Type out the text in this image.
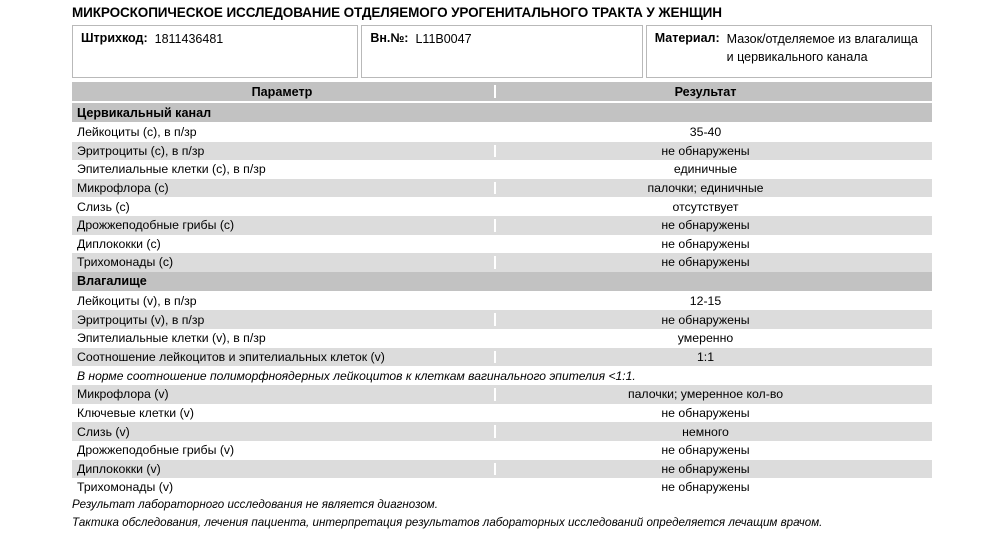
МИКРОСКОПИЧЕСКОЕ ИССЛЕДОВАНИЕ ОТДЕЛЯЕМОГО УРОГЕНИТАЛЬНОГО ТРАКТА У ЖЕНЩИН
Штрихкод: 1811436481	Вн.№: L11B0047	Материал: Мазок/отделяемое из влагалища и цервикального канала
Параметр	Результат
Цервикальный канал
Лейкоциты (c), в п/зр	35-40
Эритроциты (c), в п/зр	не обнаружены
Эпителиальные клетки (c), в п/зр	единичные
Микрофлора (c)	палочки; единичные
Слизь (c)	отсутствует
Дрожжеподобные грибы (c)	не обнаружены
Диплококки (c)	не обнаружены
Трихомонады (c)	не обнаружены
Влагалище
Лейкоциты (v), в п/зр	12-15
Эритроциты (v), в п/зр	не обнаружены
Эпителиальные клетки (v), в п/зр	умеренно
Соотношение лейкоцитов и эпителиальных клеток (v)	1:1
В норме соотношение полиморфноядерных лейкоцитов к клеткам вагинального эпителия <1:1.
Микрофлора (v)	палочки; умеренное кол-во
Ключевые клетки (v)	не обнаружены
Слизь (v)	немного
Дрожжеподобные грибы (v)	не обнаружены
Диплококки (v)	не обнаружены
Трихомонады (v)	не обнаружены

Результат лабораторного исследования не является диагнозом.

Тактика обследования, лечения пациента, интерпретация результатов лабораторных исследований определяется лечащим врачом.
